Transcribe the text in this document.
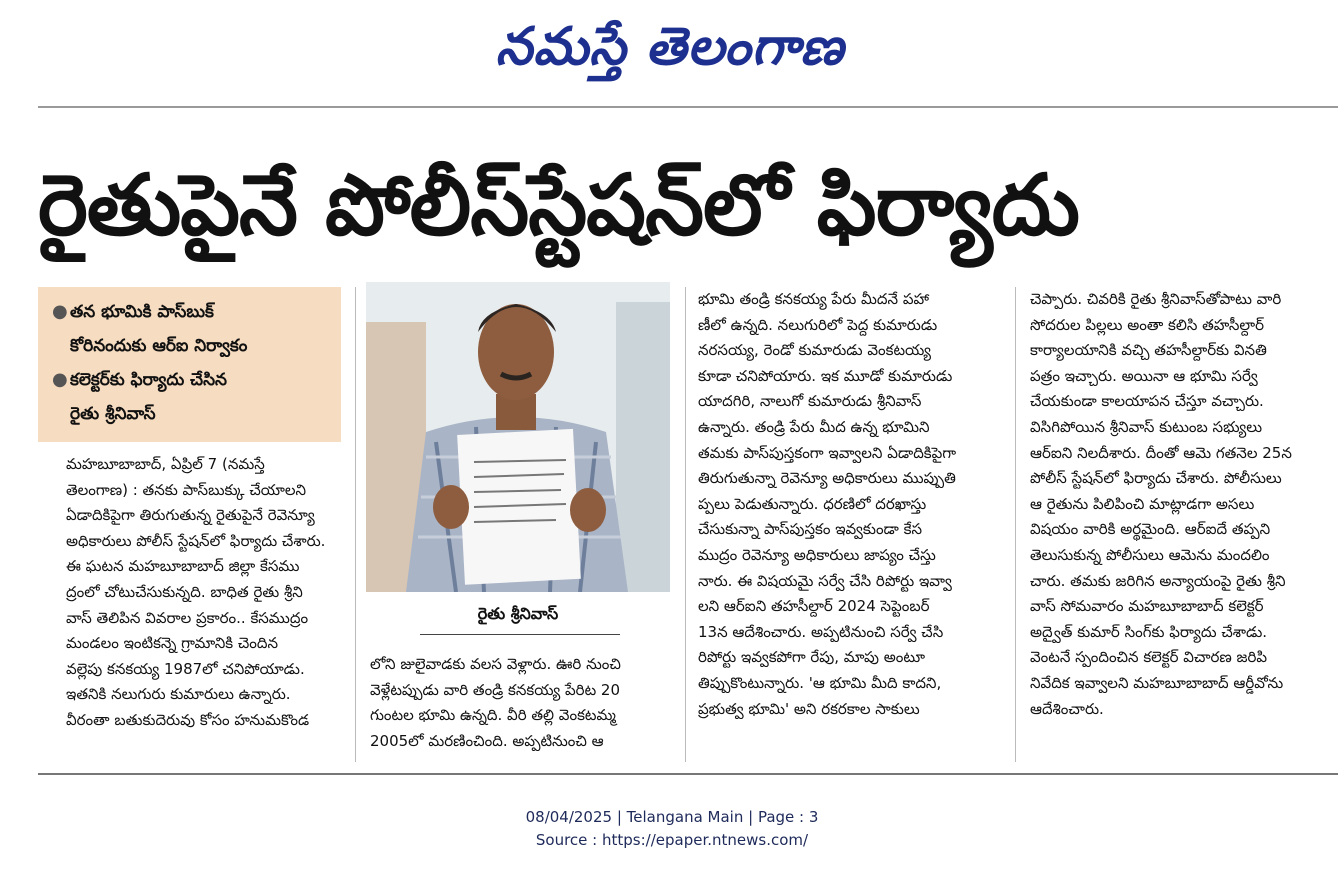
నమస్తే తెలంగాణ
రైతుపైనే పోలీస్‌స్టేషన్‌లో ఫిర్యాదు
● తన భూమికి పాస్‌బుక్
కోరినందుకు ఆర్‌ఐ నిర్వాకం
● కలెక్టర్‌కు ఫిర్యాదు చేసిన
రైతు శ్రీనివాస్
మహబూబాబాద్, ఏప్రిల్ 7 (నమస్తే
తెలంగాణ) : తనకు పాస్‌బుక్కు చేయాలని
ఏడాదికిపైగా తిరుగుతున్న రైతుపైనే రెవెన్యూ
అధికారులు పోలీస్ స్టేషన్‌లో ఫిర్యాదు చేశారు.
ఈ ఘటన మహబూబాబాద్ జిల్లా కేసము
ద్రంలో చోటుచేసుకున్నది. బాధిత రైతు శ్రీని
వాస్ తెలిపిన వివరాల ప్రకారం.. కేసముద్రం
మండలం ఇంటికన్నె గ్రామానికి చెందిన
వల్లెపు కనకయ్య 1987లో చనిపోయాడు.
ఇతనికి నలుగురు కుమారులు ఉన్నారు.
వీరంతా బతుకుదెరువు కోసం హనుమకొండ
రైతు శ్రీనివాస్
లోని జులైవాడకు వలస వెళ్లారు. ఊరి నుంచి
వెళ్లేటప్పుడు వారి తండ్రి కనకయ్య పేరిట 20
గుంటల భూమి ఉన్నది. వీరి తల్లి వెంకటమ్మ
2005లో మరణించింది. అప్పటినుంచి ఆ
భూమి తండ్రి కనకయ్య పేరు మీదనే పహా
ణీలో ఉన్నది. నలుగురిలో పెద్ద కుమారుడు
నరసయ్య, రెండో కుమారుడు వెంకటయ్య
కూడా చనిపోయారు. ఇక మూడో కుమారుడు
యాదగిరి, నాలుగో కుమారుడు శ్రీనివాస్
ఉన్నారు. తండ్రి పేరు మీద ఉన్న భూమిని
తమకు పాస్‌పుస్తకంగా ఇవ్వాలని ఏడాదికిపైగా
తిరుగుతున్నా రెవెన్యూ అధికారులు ముప్పుతి
ప్పలు పెడుతున్నారు. ధరణిలో దరఖాస్తు
చేసుకున్నా పాస్‌పుస్తకం ఇవ్వకుండా కేస
ముద్రం రెవెన్యూ అధికారులు జాప్యం చేస్తు
నారు. ఈ విషయమై సర్వే చేసి రిపోర్టు ఇవ్వా
లని ఆర్‌ఐని తహసీల్దార్ 2024 సెప్టెంబర్
13న ఆదేశించారు. అప్పటినుంచి సర్వే చేసి
రిపోర్టు ఇవ్వకపోగా రేపు, మాపు అంటూ
తిప్పుకొంటున్నారు. 'ఆ భూమి మీది కాదని,
ప్రభుత్వ భూమి' అని రకరకాల సాకులు
చెప్పారు. చివరికి రైతు శ్రీనివాస్‌తోపాటు వారి
సోదరుల పిల్లలు అంతా కలిసి తహసీల్దార్
కార్యాలయానికి వచ్చి తహసీల్దార్‌కు వినతి
పత్రం ఇచ్చారు. అయినా ఆ భూమి సర్వే
చేయకుండా కాలయాపన చేస్తూ వచ్చారు.
విసిగిపోయిన శ్రీనివాస్ కుటుంబ సభ్యులు
ఆర్‌ఐని నిలదీశారు. దీంతో ఆమె గతనెల 25న
పోలీస్ స్టేషన్‌లో ఫిర్యాదు చేశారు. పోలీసులు
ఆ రైతును పిలిపించి మాట్లాడగా అసలు
విషయం వారికి అర్థమైంది. ఆర్‌ఐదే తప్పని
తెలుసుకున్న పోలీసులు ఆమెను మందలిం
చారు. తమకు జరిగిన అన్యాయంపై రైతు శ్రీని
వాస్ సోమవారం మహబూబాబాద్ కలెక్టర్
అద్వైత్ కుమార్ సింగ్‌కు ఫిర్యాదు చేశాడు.
వెంటనే స్పందించిన కలెక్టర్ విచారణ జరిపి
నివేదిక ఇవ్వాలని మహబూబాబాద్ ఆర్డీవోను
ఆదేశించారు.
08/04/2025 | Telangana Main | Page : 3
Source : https://epaper.ntnews.com/
